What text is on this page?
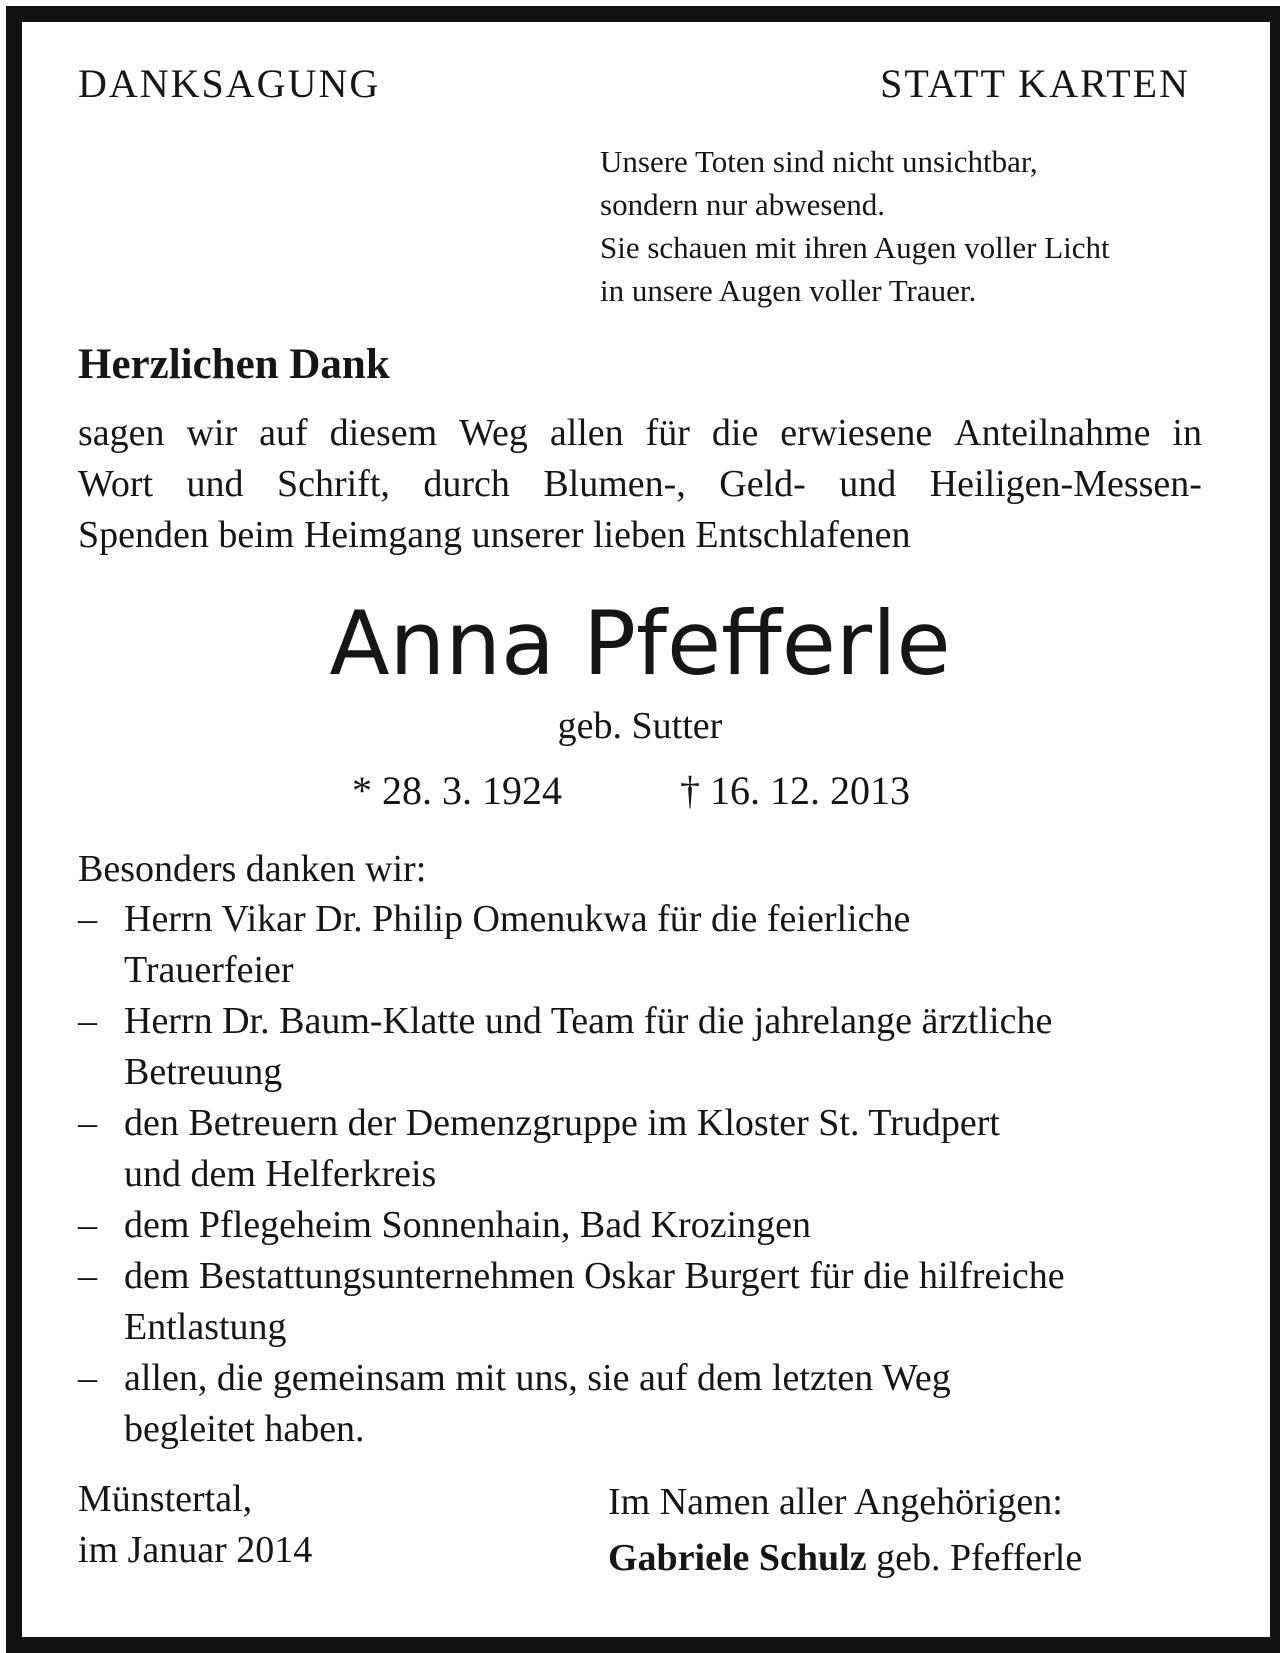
DANKSAGUNG	STATT KARTEN
Unsere Toten sind nicht unsichtbar,
sondern nur abwesend.
Sie schauen mit ihren Augen voller Licht
in unsere Augen voller Trauer.
Herzlichen Dank
sagen wir auf diesem Weg allen für die erwiesene Anteilnahme in
Wort und Schrift, durch Blumen-, Geld- und Heiligen-Messen-
Spenden beim Heimgang unserer lieben Entschlafenen
Anna Pfefferle
geb. Sutter
* 28. 3. 1924	† 16. 12. 2013
Besonders danken wir:
– Herrn Vikar Dr. Philip Omenukwa für die feierliche
Trauerfeier
– Herrn Dr. Baum-Klatte und Team für die jahrelange ärztliche
Betreuung
– den Betreuern der Demenzgruppe im Kloster St. Trudpert
und dem Helferkreis
– dem Pflegeheim Sonnenhain, Bad Krozingen
– dem Bestattungsunternehmen Oskar Burgert für die hilfreiche
Entlastung
– allen, die gemeinsam mit uns, sie auf dem letzten Weg
begleitet haben.
Münstertal,
im Januar 2014
Im Namen aller Angehörigen:
Gabriele Schulz geb. Pfefferle
